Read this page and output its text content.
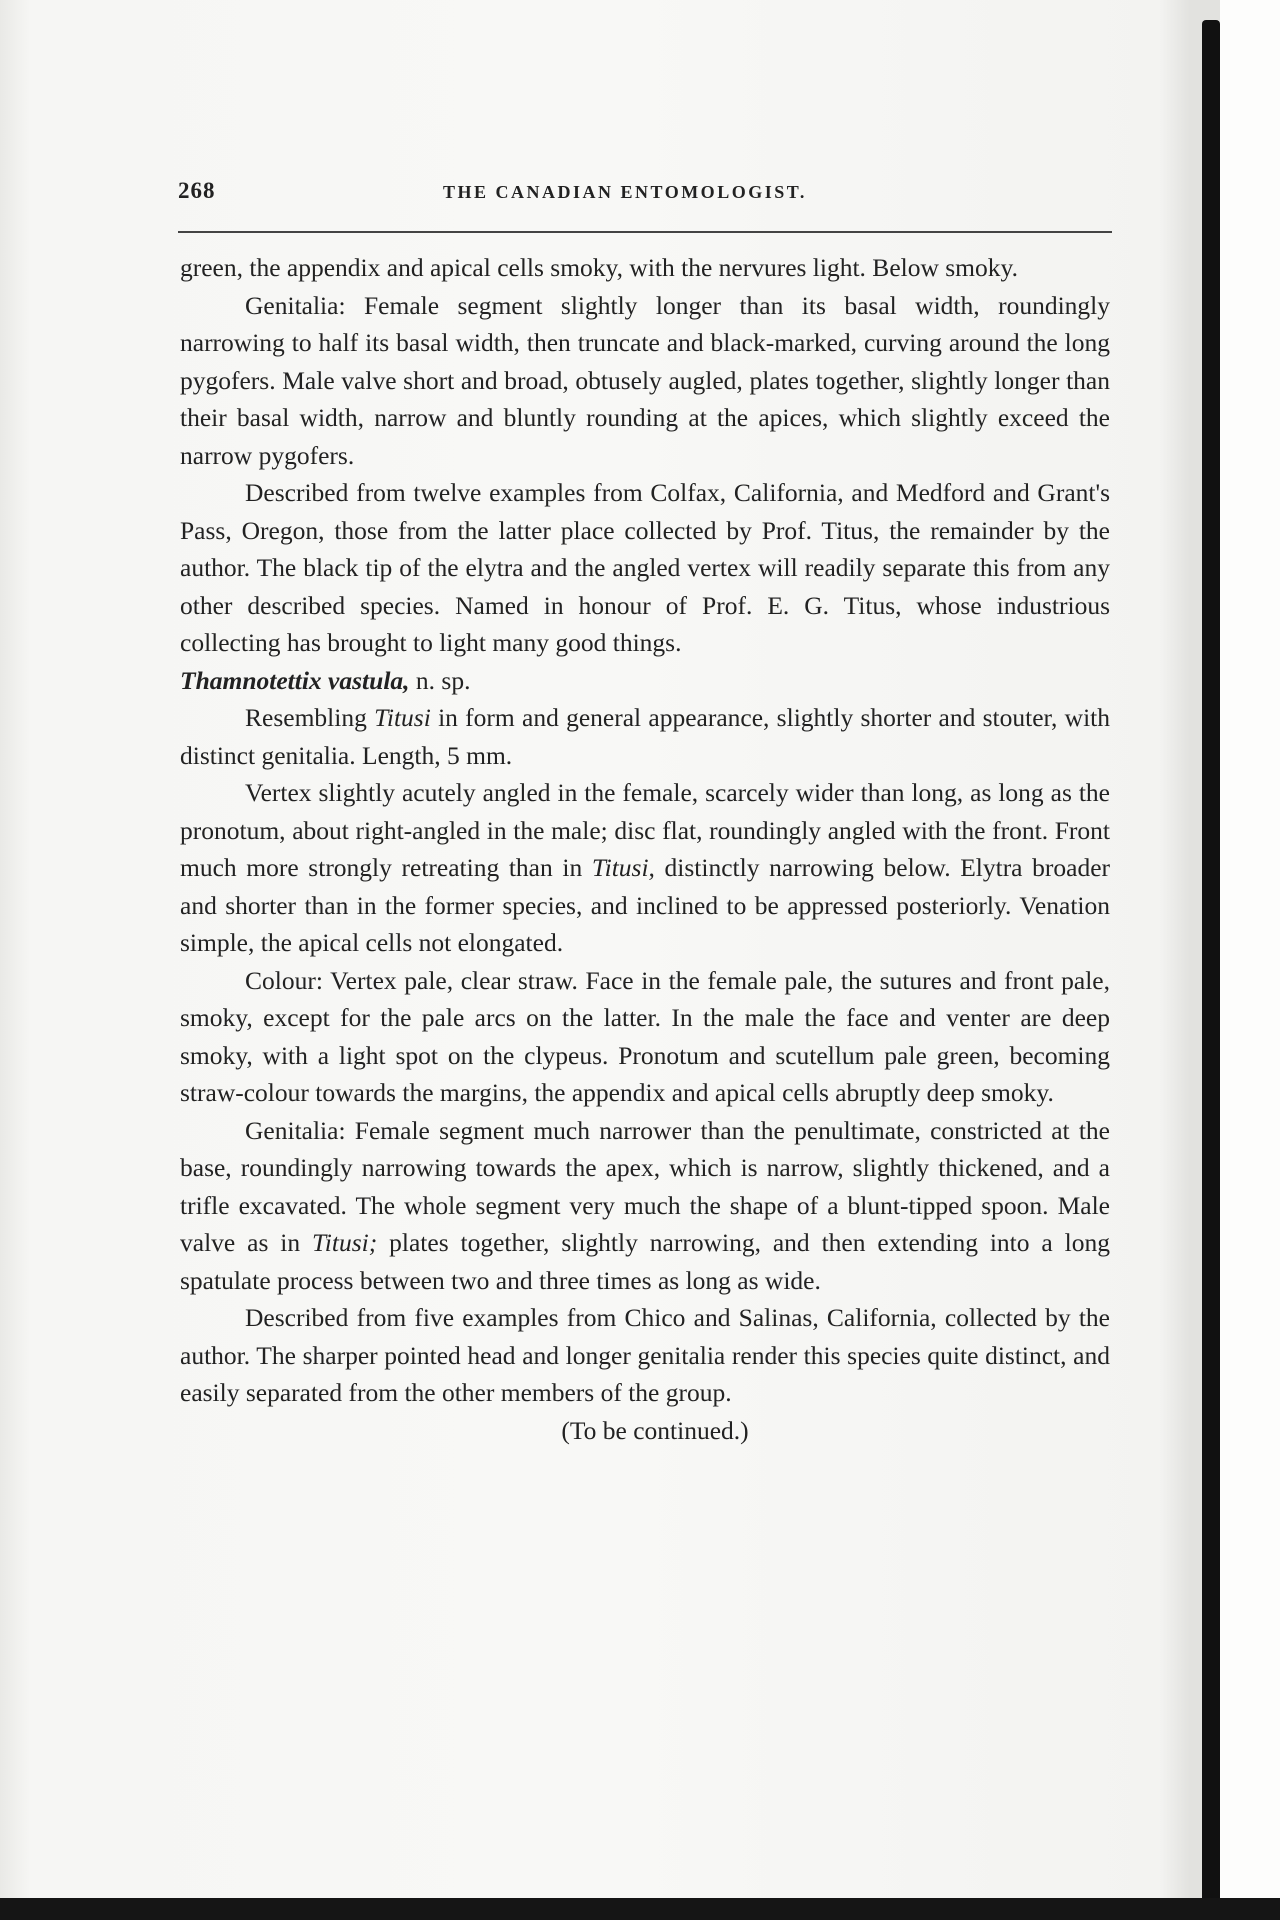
268	THE CANADIAN ENTOMOLOGIST.

green, the appendix and apical cells smoky, with the nervures light. Below smoky.

Genitalia: Female segment slightly longer than its basal width, roundingly narrowing to half its basal width, then truncate and black-marked, curving around the long pygofers. Male valve short and broad, obtusely augled, plates together, slightly longer than their basal width, narrow and bluntly rounding at the apices, which slightly exceed the narrow pygofers.

Described from twelve examples from Colfax, California, and Medford and Grant's Pass, Oregon, those from the latter place collected by Prof. Titus, the remainder by the author. The black tip of the elytra and the angled vertex will readily separate this from any other described species. Named in honour of Prof. E. G. Titus, whose industrious collecting has brought to light many good things.

Thamnotettix vastula, n. sp.

Resembling Titusi in form and general appearance, slightly shorter and stouter, with distinct genitalia. Length, 5 mm.

Vertex slightly acutely angled in the female, scarcely wider than long, as long as the pronotum, about right-angled in the male; disc flat, roundingly angled with the front. Front much more strongly retreating than in Titusi, distinctly narrowing below. Elytra broader and shorter than in the former species, and inclined to be appressed posteriorly. Venation simple, the apical cells not elongated.

Colour: Vertex pale, clear straw. Face in the female pale, the sutures and front pale, smoky, except for the pale arcs on the latter. In the male the face and venter are deep smoky, with a light spot on the clypeus. Pronotum and scutellum pale green, becoming straw-colour towards the margins, the appendix and apical cells abruptly deep smoky.

Genitalia: Female segment much narrower than the penultimate, constricted at the base, roundingly narrowing towards the apex, which is narrow, slightly thickened, and a trifle excavated. The whole segment very much the shape of a blunt-tipped spoon. Male valve as in Titusi; plates together, slightly narrowing, and then extending into a long spatulate process between two and three times as long as wide.

Described from five examples from Chico and Salinas, California, collected by the author. The sharper pointed head and longer genitalia render this species quite distinct, and easily separated from the other members of the group.

(To be continued.)
